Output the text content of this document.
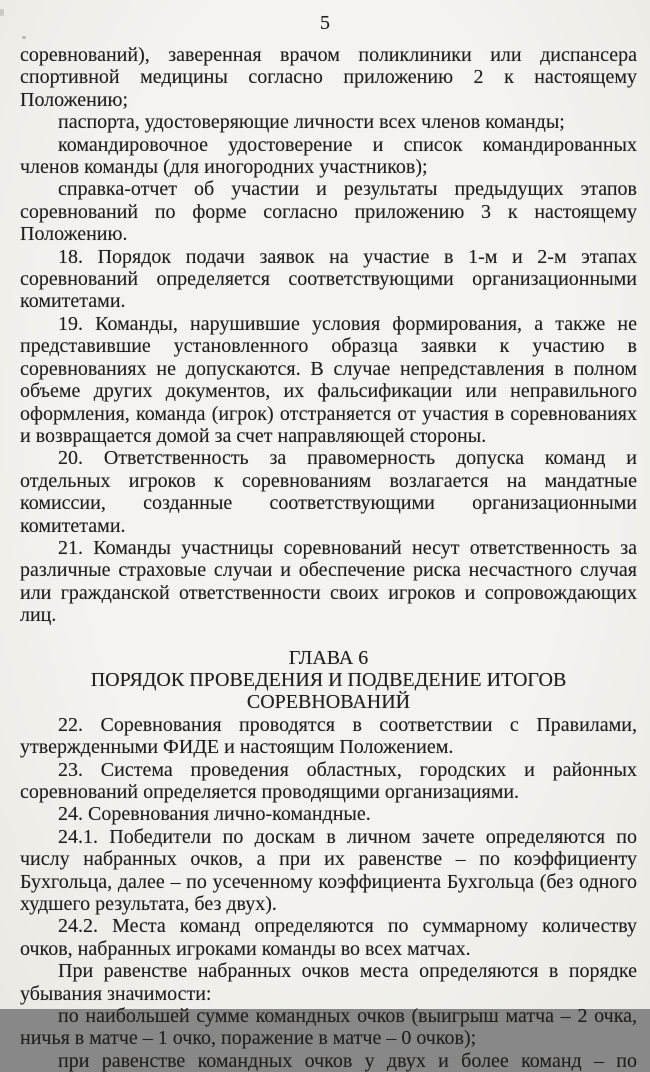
5

соревнований), заверенная врачом поликлиники или диспансера спортивной медицины согласно приложению 2 к настоящему Положению;

паспорта, удостоверяющие личности всех членов команды;

командировочное удостоверение и список командированных членов команды (для иногородних участников);

справка-отчет об участии и результаты предыдущих этапов соревнований по форме согласно приложению 3 к настоящему Положению.

18. Порядок подачи заявок на участие в 1-м и 2-м этапах соревнований определяется соответствующими организационными комитетами.

19. Команды, нарушившие условия формирования, а также не представившие установленного образца заявки к участию в соревнованиях не допускаются. В случае непредставления в полном объеме других документов, их фальсификации или неправильного оформления, команда (игрок) отстраняется от участия в соревнованиях и возвращается домой за счет направляющей стороны.

20. Ответственность за правомерность допуска команд и отдельных игроков к соревнованиям возлагается на мандатные комиссии, созданные соответствующими организационными комитетами.

21. Команды участницы соревнований несут ответственность за различные страховые случаи и обеспечение риска несчастного случая или гражданской ответственности своих игроков и сопровождающих лиц.

ГЛАВА 6
ПОРЯДОК ПРОВЕДЕНИЯ И ПОДВЕДЕНИЕ ИТОГОВ
СОРЕВНОВАНИЙ

22. Соревнования проводятся в соответствии с Правилами, утвержденными ФИДЕ и настоящим Положением.

23. Система проведения областных, городских и районных соревнований определяется проводящими организациями.

24. Соревнования лично-командные.

24.1. Победители по доскам в личном зачете определяются по числу набранных очков, а при их равенстве – по коэффициенту Бухгольца, далее – по усеченному коэффициента Бухгольца (без одного худшего результата, без двух).

24.2. Места команд определяются по суммарному количеству очков, набранных игроками команды во всех матчах.

При равенстве набранных очков места определяются в порядке убывания значимости:

по наибольшей сумме командных очков (выигрыш матча – 2 очка, ничья в матче – 1 очко, поражение в матче – 0 очков);

при равенстве командных очков у двух и более команд – по
